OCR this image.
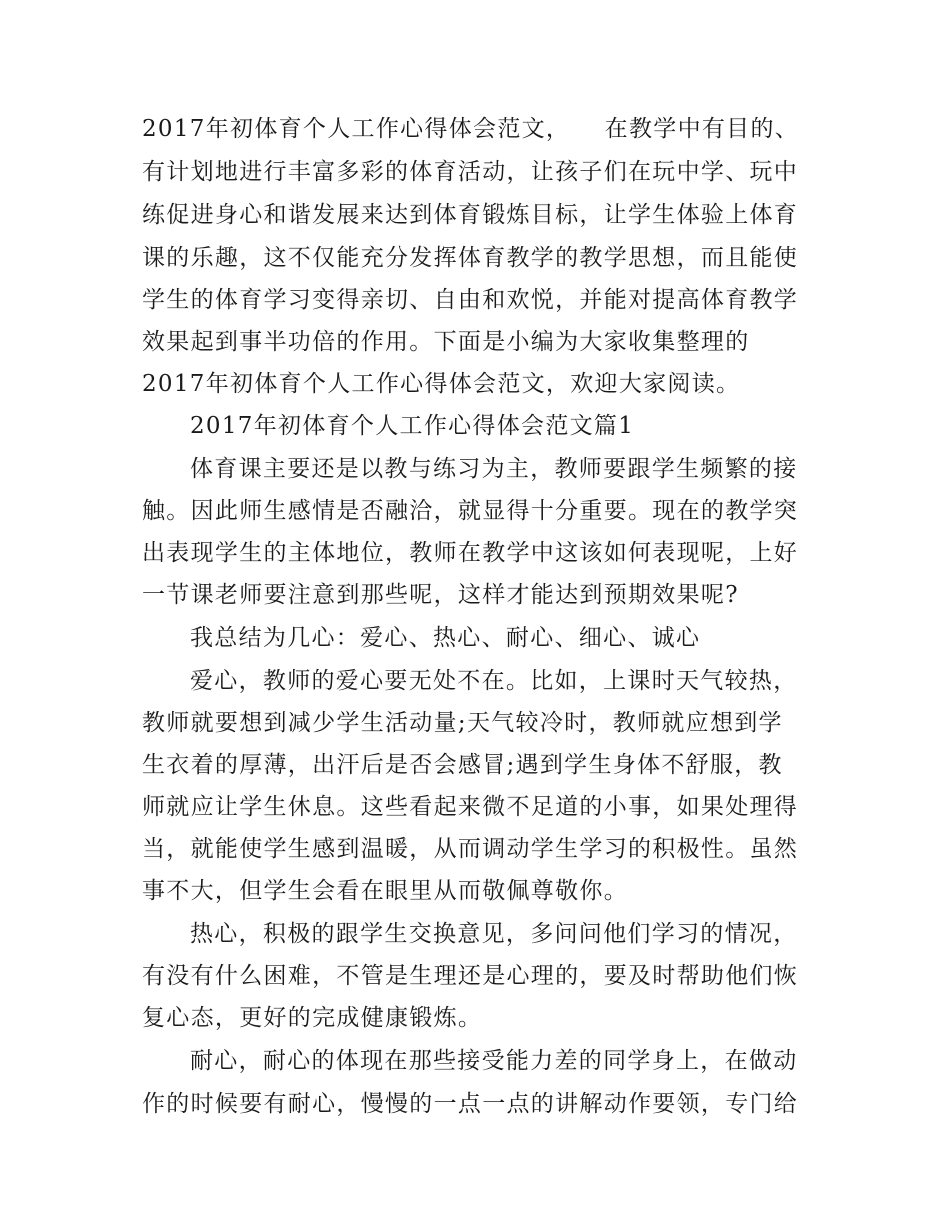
2017年初体育个人工作心得体会范文，    在教学中有目的、
有计划地进行丰富多彩的体育活动，让孩子们在玩中学、玩中
练促进身心和谐发展来达到体育锻炼目标，让学生体验上体育
课的乐趣，这不仅能充分发挥体育教学的教学思想，而且能使
学生的体育学习变得亲切、自由和欢悦，并能对提高体育教学
效果起到事半功倍的作用。下面是小编为大家收集整理的
2017年初体育个人工作心得体会范文，欢迎大家阅读。
2017年初体育个人工作心得体会范文篇1
体育课主要还是以教与练习为主，教师要跟学生频繁的接
触。因此师生感情是否融洽，就显得十分重要。现在的教学突
出表现学生的主体地位，教师在教学中这该如何表现呢，上好
一节课老师要注意到那些呢，这样才能达到预期效果呢?
我总结为几心：爱心、热心、耐心、细心、诚心
爱心，教师的爱心要无处不在。比如，上课时天气较热，
教师就要想到减少学生活动量;天气较冷时，教师就应想到学
生衣着的厚薄，出汗后是否会感冒;遇到学生身体不舒服，教
师就应让学生休息。这些看起来微不足道的小事，如果处理得
当，就能使学生感到温暖，从而调动学生学习的积极性。虽然
事不大，但学生会看在眼里从而敬佩尊敬你。
热心，积极的跟学生交换意见，多问问他们学习的情况，
有没有什么困难，不管是生理还是心理的，要及时帮助他们恢
复心态，更好的完成健康锻炼。
耐心，耐心的体现在那些接受能力差的同学身上，在做动
作的时候要有耐心，慢慢的一点一点的讲解动作要领，专门给
